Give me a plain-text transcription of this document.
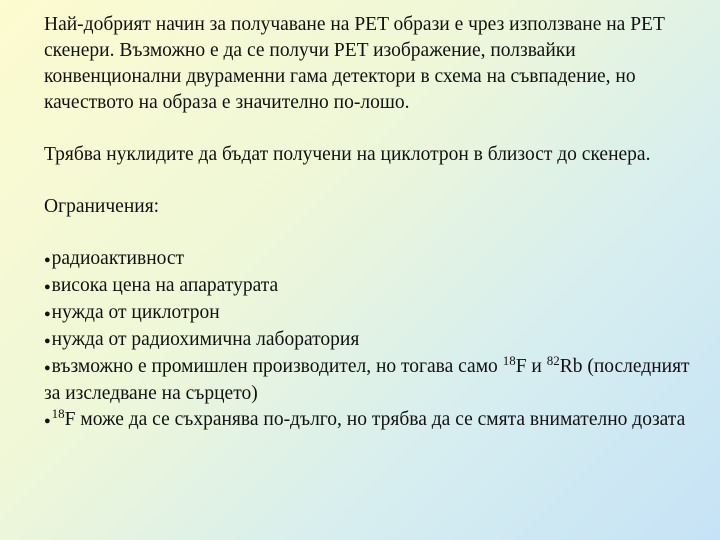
Най-добрият начин за получаване на PET образи е чрез използване на PET скенери. Възможно е да се получи PET изображение, ползвайки конвенционални двураменни гама детектори в схема на съвпадение, но качеството на образа е значително по-лошо.

Трябва нуклидите да бъдат получени на циклотрон в близост до скенера.

Ограничения:

●радиоактивност
●висока цена на апаратурата
●нужда от циклотрон
●нужда от радиохимична лаборатория
●възможно е промишлен производител, но тогава само $^{18}$F и $^{82}$Rb (последният за изследване на сърцето)
●$^{18}$F може да се съхранява по-дълго, но трябва да се смята внимателно дозата
